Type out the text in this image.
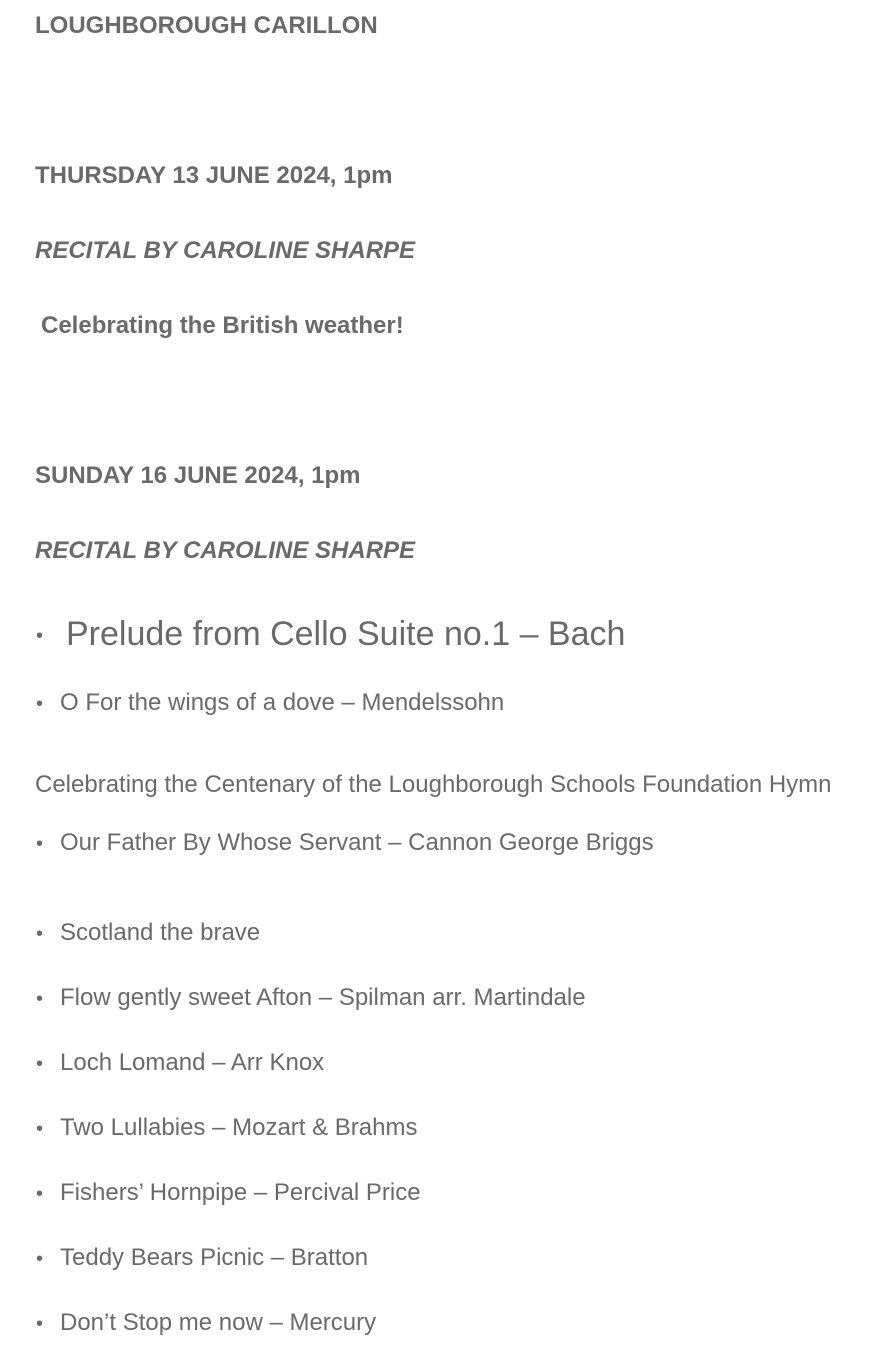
LOUGHBOROUGH CARILLON
THURSDAY 13 JUNE 2024, 1pm
RECITAL BY CAROLINE SHARPE
Celebrating the British weather!
SUNDAY 16 JUNE 2024, 1pm
RECITAL BY CAROLINE SHARPE
• Prelude from Cello Suite no.1 – Bach
• O For the wings of a dove – Mendelssohn
Celebrating the Centenary of the Loughborough Schools Foundation Hymn
• Our Father By Whose Servant – Cannon George Briggs
• Scotland the brave
• Flow gently sweet Afton – Spilman arr. Martindale
• Loch Lomand – Arr Knox
• Two Lullabies – Mozart & Brahms
• Fishers’ Hornpipe – Percival Price
• Teddy Bears Picnic – Bratton
• Don’t Stop me now – Mercury
